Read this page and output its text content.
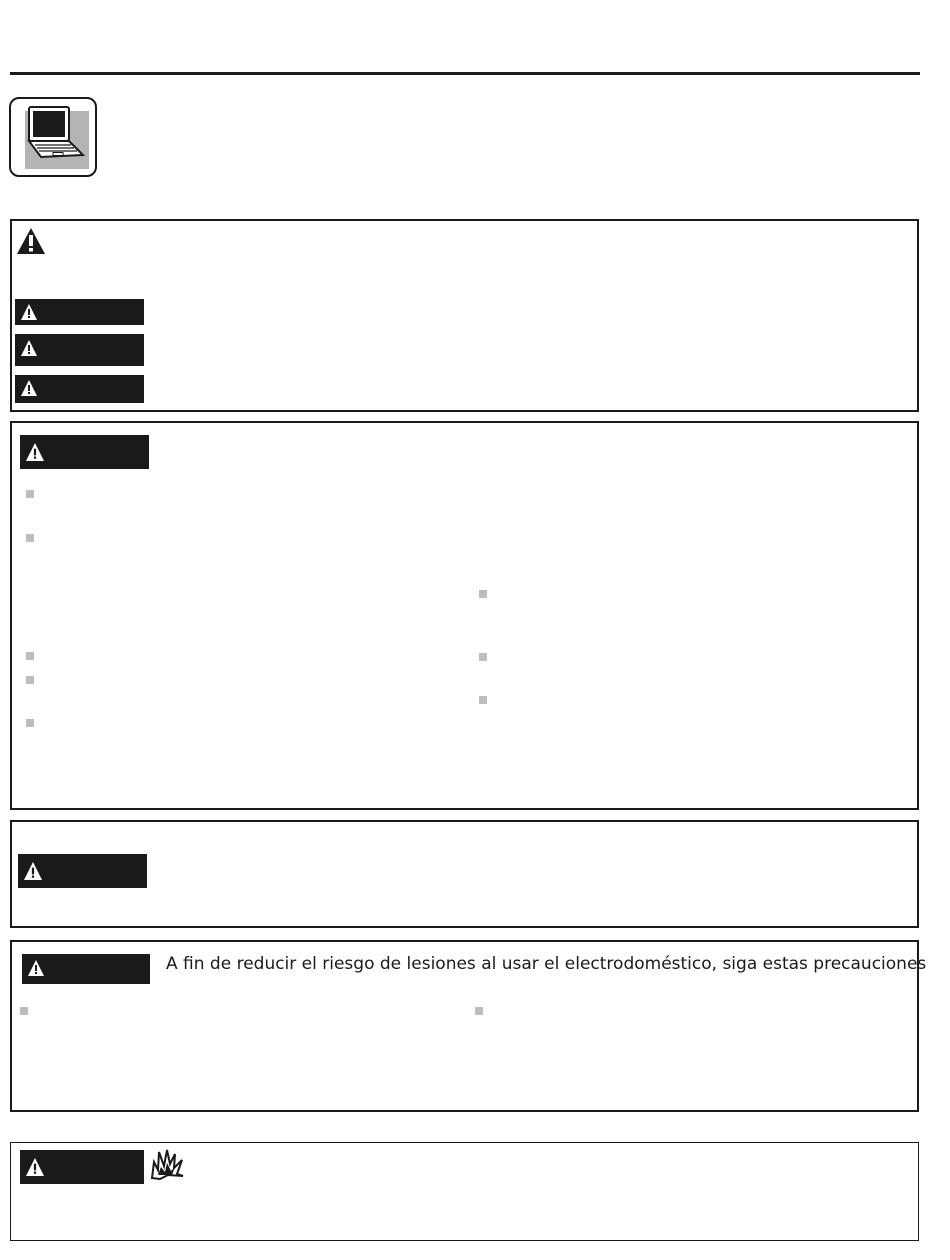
A fin de reducir el riesgo de lesiones al usar el electrodoméstico, siga estas precauciones
